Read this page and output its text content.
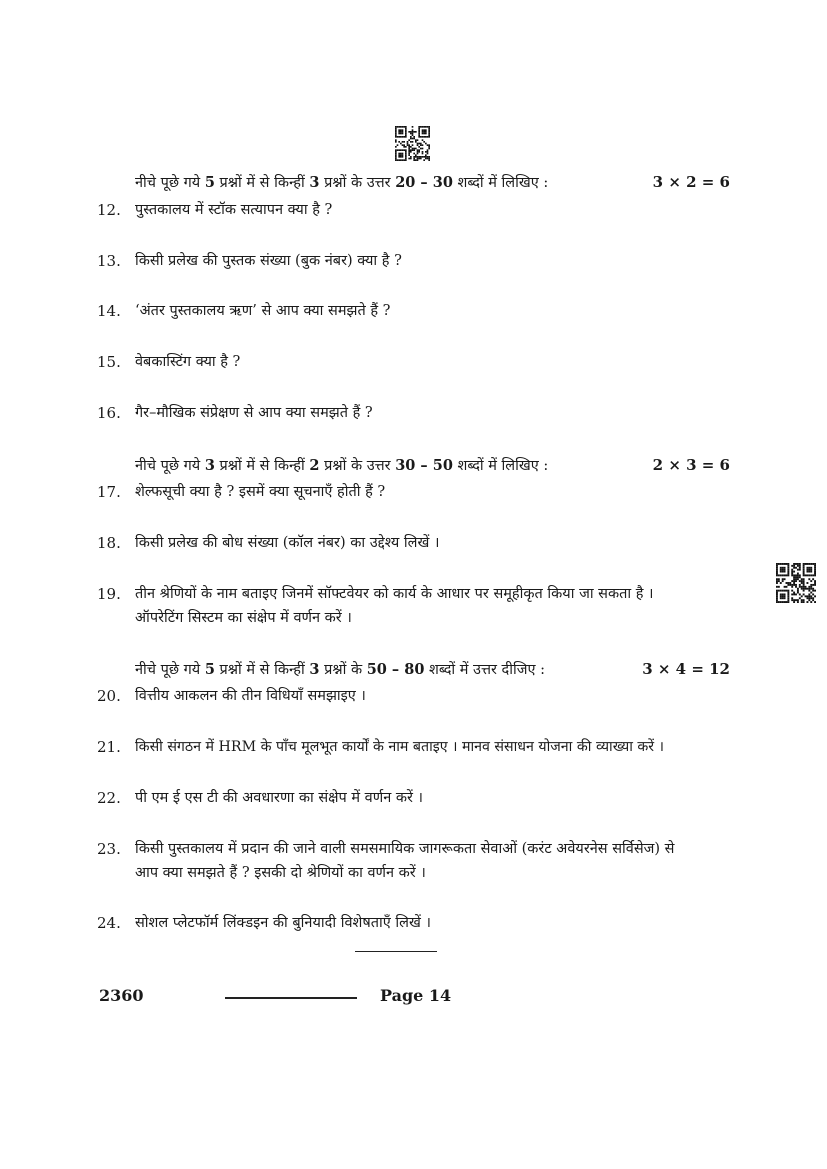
नीचे पूछे गये 5 प्रश्नों में से किन्हीं 3 प्रश्नों के उत्तर 20 – 30 शब्दों में लिखिए :	3 × 2 = 6
12. पुस्तकालय में स्टॉक सत्यापन क्या है ?
13. किसी प्रलेख की पुस्तक संख्या (बुक नंबर) क्या है ?
14. ‘अंतर पुस्तकालय ऋण’ से आप क्या समझते हैं ?
15. वेबकास्टिंग क्या है ?
16. गैर–मौखिक संप्रेक्षण से आप क्या समझते हैं ?
नीचे पूछे गये 3 प्रश्नों में से किन्हीं 2 प्रश्नों के उत्तर 30 – 50 शब्दों में लिखिए :	2 × 3 = 6
17. शेल्फसूची क्या है ? इसमें क्या सूचनाएँ होती हैं ?
18. किसी प्रलेख की बोध संख्या (कॉल नंबर) का उद्देश्य लिखें ।
19. तीन श्रेणियों के नाम बताइए जिनमें सॉफ्टवेयर को कार्य के आधार पर समूहीकृत किया जा सकता है ।
ऑपरेटिंग सिस्टम का संक्षेप में वर्णन करें ।
नीचे पूछे गये 5 प्रश्नों में से किन्हीं 3 प्रश्नों के 50 – 80 शब्दों में उत्तर दीजिए :	3 × 4 = 12
20. वित्तीय आकलन की तीन विधियाँ समझाइए ।
21. किसी संगठन में HRM के पाँच मूलभूत कार्यों के नाम बताइए । मानव संसाधन योजना की व्याख्या करें ।
22. पी एम ई एस टी की अवधारणा का संक्षेप में वर्णन करें ।
23. किसी पुस्तकालय में प्रदान की जाने वाली समसमायिक जागरूकता सेवाओं (करंट अवेयरनेस सर्विसेज) से
आप क्या समझते हैं ? इसकी दो श्रेणियों का वर्णन करें ।
24. सोशल प्लेटफॉर्म लिंक्डइन की बुनियादी विशेषताएँ लिखें ।
2360	Page 14
